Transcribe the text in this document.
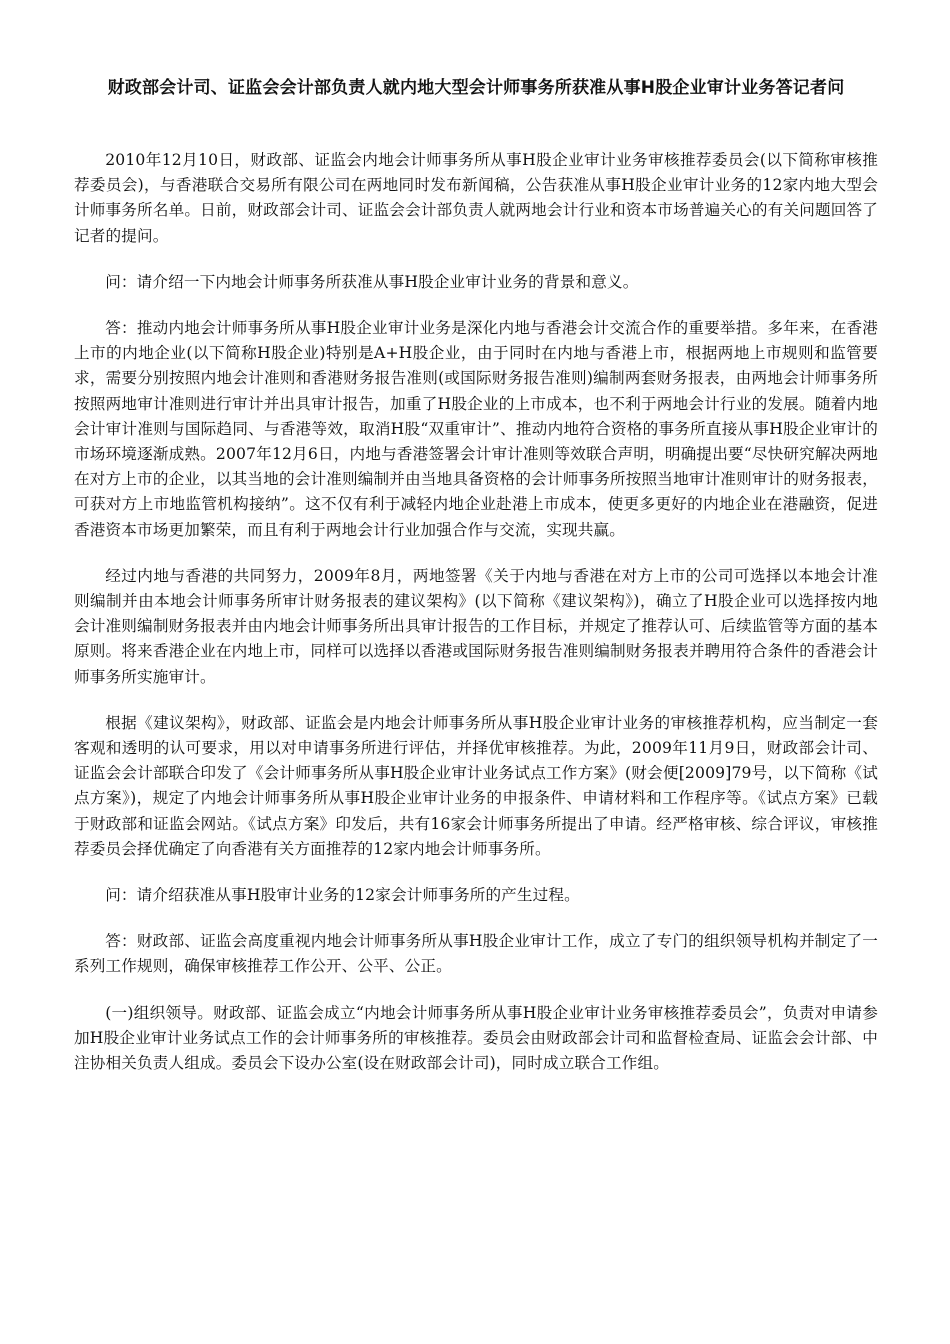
财政部会计司、证监会会计部负责人就内地大型会计师事务所获准从事H股企业审计业务答记者问

2010年12月10日，财政部、证监会内地会计师事务所从事H股企业审计业务审核推荐委员会(以下简称审核推荐委员会)，与香港联合交易所有限公司在两地同时发布新闻稿，公告获准从事H股企业审计业务的12家内地大型会计师事务所名单。日前，财政部会计司、证监会会计部负责人就两地会计行业和资本市场普遍关心的有关问题回答了记者的提问。

问：请介绍一下内地会计师事务所获准从事H股企业审计业务的背景和意义。

答：推动内地会计师事务所从事H股企业审计业务是深化内地与香港会计交流合作的重要举措。多年来，在香港上市的内地企业(以下简称H股企业)特别是A+H股企业，由于同时在内地与香港上市，根据两地上市规则和监管要求，需要分别按照内地会计准则和香港财务报告准则(或国际财务报告准则)编制两套财务报表，由两地会计师事务所按照两地审计准则进行审计并出具审计报告，加重了H股企业的上市成本，也不利于两地会计行业的发展。随着内地会计审计准则与国际趋同、与香港等效，取消H股“双重审计”、推动内地符合资格的事务所直接从事H股企业审计的市场环境逐渐成熟。2007年12月6日，内地与香港签署会计审计准则等效联合声明，明确提出要“尽快研究解决两地在对方上市的企业，以其当地的会计准则编制并由当地具备资格的会计师事务所按照当地审计准则审计的财务报表，可获对方上市地监管机构接纳”。这不仅有利于减轻内地企业赴港上市成本，使更多更好的内地企业在港融资，促进香港资本市场更加繁荣，而且有利于两地会计行业加强合作与交流，实现共赢。

经过内地与香港的共同努力，2009年8月，两地签署《关于内地与香港在对方上市的公司可选择以本地会计准则编制并由本地会计师事务所审计财务报表的建议架构》(以下简称《建议架构》)，确立了H股企业可以选择按内地会计准则编制财务报表并由内地会计师事务所出具审计报告的工作目标，并规定了推荐认可、后续监管等方面的基本原则。将来香港企业在内地上市，同样可以选择以香港或国际财务报告准则编制财务报表并聘用符合条件的香港会计师事务所实施审计。

根据《建议架构》，财政部、证监会是内地会计师事务所从事H股企业审计业务的审核推荐机构，应当制定一套客观和透明的认可要求，用以对申请事务所进行评估，并择优审核推荐。为此，2009年11月9日，财政部会计司、证监会会计部联合印发了《会计师事务所从事H股企业审计业务试点工作方案》(财会便[2009]79号，以下简称《试点方案》)，规定了内地会计师事务所从事H股企业审计业务的申报条件、申请材料和工作程序等。《试点方案》已载于财政部和证监会网站。《试点方案》印发后，共有16家会计师事务所提出了申请。经严格审核、综合评议，审核推荐委员会择优确定了向香港有关方面推荐的12家内地会计师事务所。

问：请介绍获准从事H股审计业务的12家会计师事务所的产生过程。

答：财政部、证监会高度重视内地会计师事务所从事H股企业审计工作，成立了专门的组织领导机构并制定了一系列工作规则，确保审核推荐工作公开、公平、公正。

(一)组织领导。财政部、证监会成立“内地会计师事务所从事H股企业审计业务审核推荐委员会”，负责对申请参加H股企业审计业务试点工作的会计师事务所的审核推荐。委员会由财政部会计司和监督检查局、证监会会计部、中注协相关负责人组成。委员会下设办公室(设在财政部会计司)，同时成立联合工作组。
